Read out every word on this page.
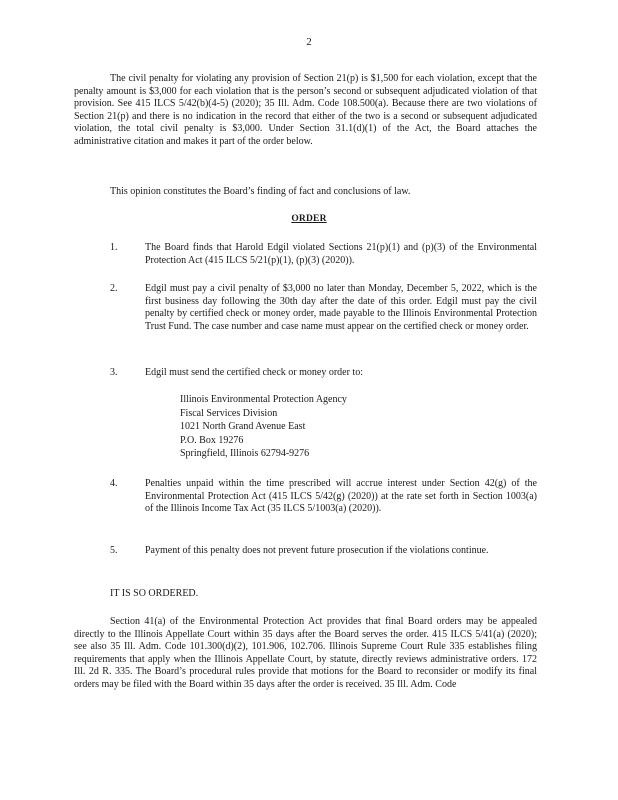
2

The civil penalty for violating any provision of Section 21(p) is $1,500 for each violation, except that the penalty amount is $3,000 for each violation that is the person’s second or subsequent adjudicated violation of that provision. See 415 ILCS 5/42(b)(4-5) (2020); 35 Ill. Adm. Code 108.500(a). Because there are two violations of Section 21(p) and there is no indication in the record that either of the two is a second or subsequent adjudicated violation, the total civil penalty is $3,000. Under Section 31.1(d)(1) of the Act, the Board attaches the administrative citation and makes it part of the order below.

This opinion constitutes the Board’s finding of fact and conclusions of law.

ORDER
1.	The Board finds that Harold Edgil violated Sections 21(p)(1) and (p)(3) of the Environmental Protection Act (415 ILCS 5/21(p)(1), (p)(3) (2020)).

2.	Edgil must pay a civil penalty of $3,000 no later than Monday, December 5, 2022, which is the first business day following the 30th day after the date of this order. Edgil must pay the civil penalty by certified check or money order, made payable to the Illinois Environmental Protection Trust Fund. The case number and case name must appear on the certified check or money order.

3.	Edgil must send the certified check or money order to:

Illinois Environmental Protection Agency
Fiscal Services Division
1021 North Grand Avenue East
P.O. Box 19276
Springfield, Illinois 62794-9276
4.	Penalties unpaid within the time prescribed will accrue interest under Section 42(g) of the Environmental Protection Act (415 ILCS 5/42(g) (2020)) at the rate set forth in Section 1003(a) of the Illinois Income Tax Act (35 ILCS 5/1003(a) (2020)).

5.	Payment of this penalty does not prevent future prosecution if the violations continue.

IT IS SO ORDERED.

Section 41(a) of the Environmental Protection Act provides that final Board orders may be appealed directly to the Illinois Appellate Court within 35 days after the Board serves the order. 415 ILCS 5/41(a) (2020); see also 35 Ill. Adm. Code 101.300(d)(2), 101.906, 102.706. Illinois Supreme Court Rule 335 establishes filing requirements that apply when the Illinois Appellate Court, by statute, directly reviews administrative orders. 172 Ill. 2d R. 335. The Board’s procedural rules provide that motions for the Board to reconsider or modify its final orders may be filed with the Board within 35 days after the order is received. 35 Ill. Adm. Code
